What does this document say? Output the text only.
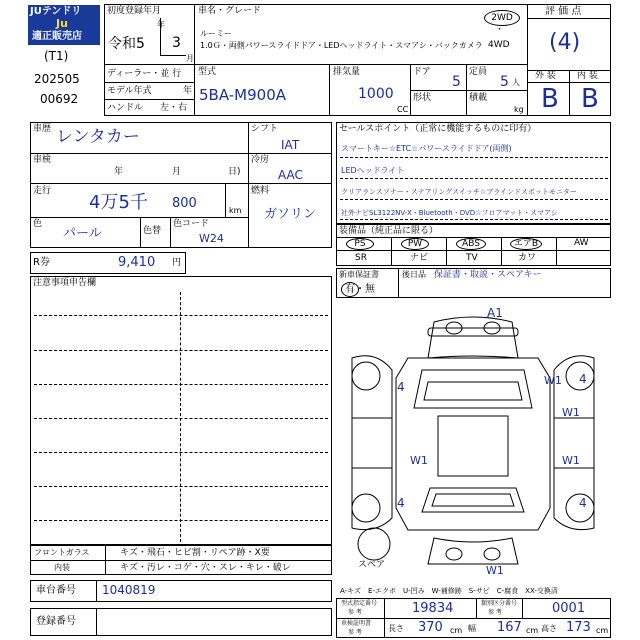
JUテンドリ
Ju
適正販売店
(T1)
202505
00692
初度登録年月
令和5 3
月
年
車名・グレード
ルーミー
1.0Ｇ・両側パワースライドドア・LEDヘッドライト・スマアシ・バックカメラ
2WD
・
4WD
評 価 点
(4)
外 装 内 装
B B
ディーラー・並 行
モデル年式	年
ハンドル 左・右
型式
5BA-M900A
排気量
1000
CC
ドア
5
定員
5 人
形状	積載
kg
車歴 レンタカー
車検
年	月	日)
走行
4万5千 800	km
色
パール	色替
色コード
W24
シフト
IAT
冷房
AAC
燃料
ガソリン
R券	9,410 円
セールスポイント（正常に機能するものに印有）
スマートキー☆ETC☆パワースライドドア(両側)
LEDヘッドライト
クリアランスソナー・ステアリングスイッチ☆ブラインドスポットモニター
社外ナビSL3122NV-X・Bluetooth・DVD☆フロアマット・スマアシ
装備品（純正品に限る）
PS	PW	ABS	エアB	AW
SR	ナビ	TV	カワ
新車保証書
有・無
後日品 保証書・取説・スペアキー
注意事項申告欄
A1
4	W1
W1
W1	W1
4
4
W1
4
スペア
A-キズ　E-エクボ　U-凹み　W-補修跡　S-サビ　C-腐食　XX-交換済
フロントガラス	キズ・飛石・ヒビ割・リペア跡・X要
内装	キズ・汚レ・コゲ・穴・スレ・キレ・破レ
車台番号 1040819
登録番号
型式指定番号
参 考	19834	類別区分番号
参 考	0001
車検証明書
参 考	長さ 370 cm 幅 167 cm 高さ 173 cm
